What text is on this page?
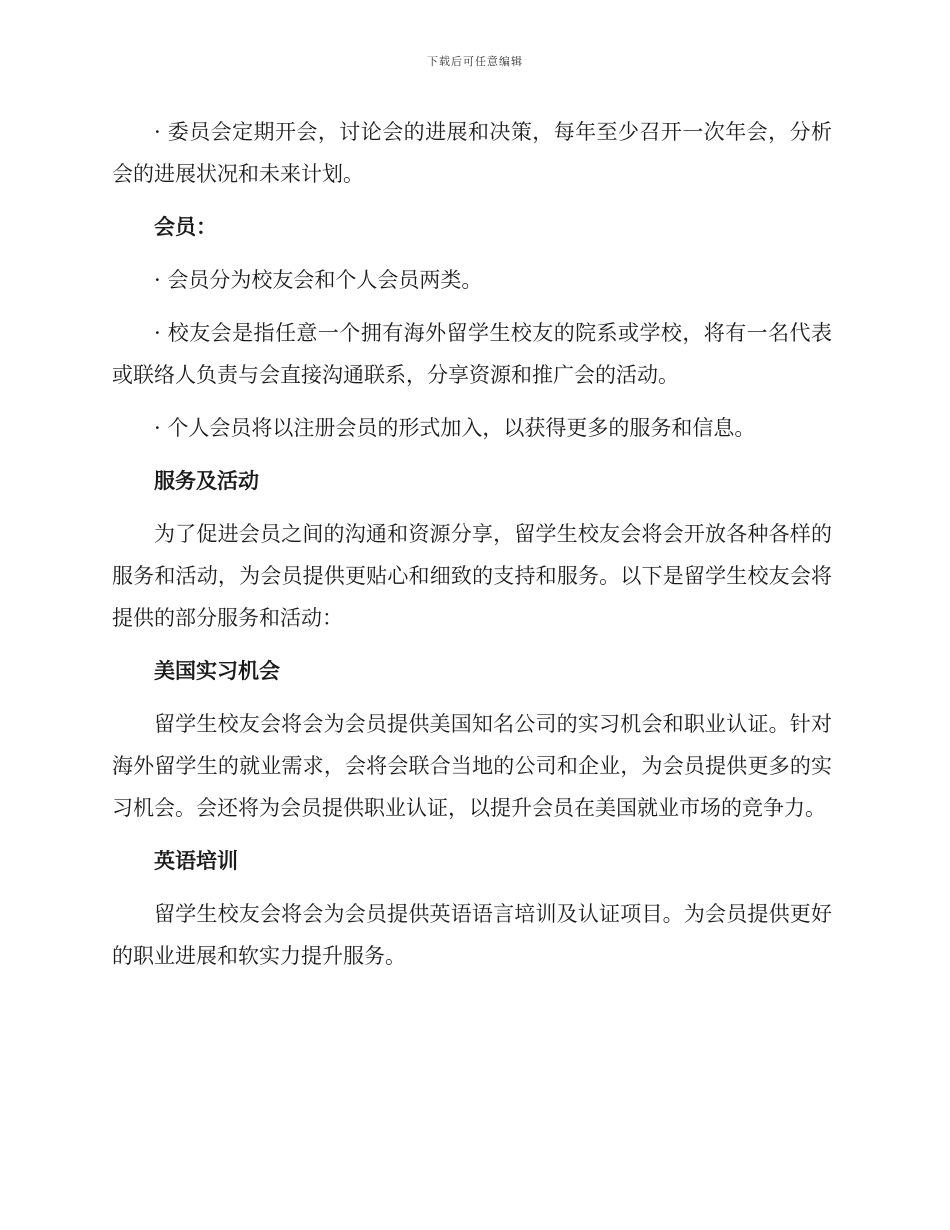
下载后可任意编辑

· 委员会定期开会，讨论会的进展和决策，每年至少召开一次年会，分析会的进展状况和未来计划。

会员：

· 会员分为校友会和个人会员两类。

· 校友会是指任意一个拥有海外留学生校友的院系或学校，将有一名代表或联络人负责与会直接沟通联系，分享资源和推广会的活动。

· 个人会员将以注册会员的形式加入，以获得更多的服务和信息。

服务及活动

为了促进会员之间的沟通和资源分享，留学生校友会将会开放各种各样的服务和活动，为会员提供更贴心和细致的支持和服务。以下是留学生校友会将提供的部分服务和活动：

美国实习机会

留学生校友会将会为会员提供美国知名公司的实习机会和职业认证。针对海外留学生的就业需求，会将会联合当地的公司和企业，为会员提供更多的实习机会。会还将为会员提供职业认证，以提升会员在美国就业市场的竞争力。

英语培训

留学生校友会将会为会员提供英语语言培训及认证项目。为会员提供更好的职业进展和软实力提升服务。
